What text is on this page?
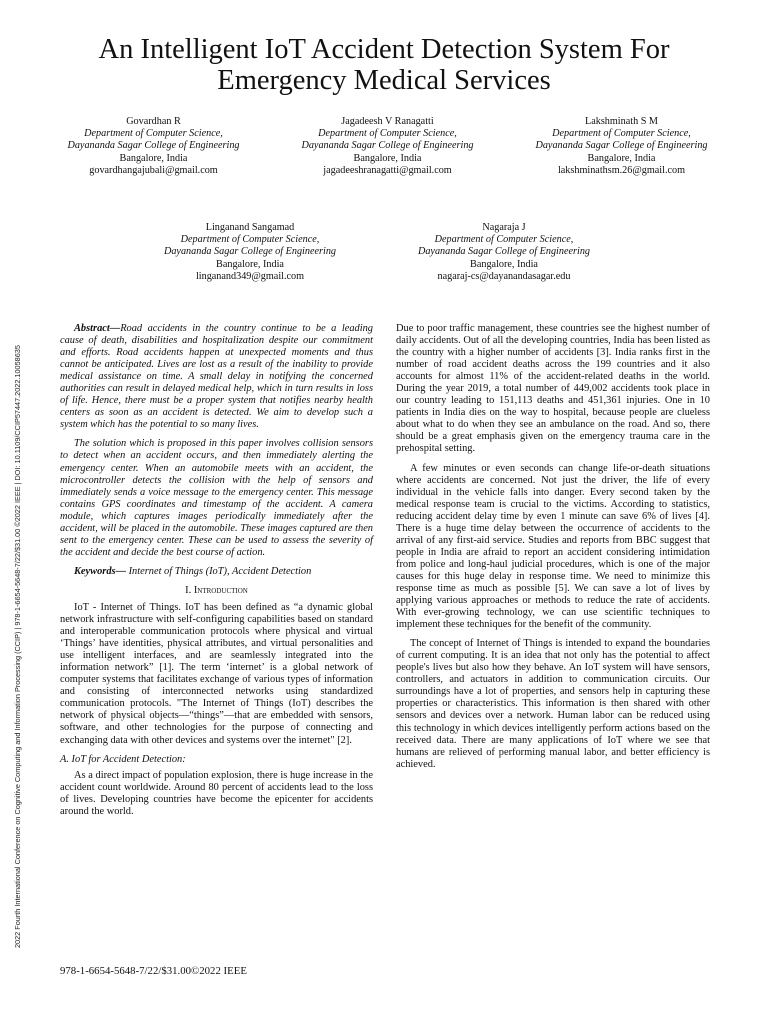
An Intelligent IoT Accident Detection System For Emergency Medical Services
Govardhan R
Department of Computer Science,
Dayananda Sagar College of Engineering
Bangalore, India
govardhangajubali@gmail.com
Jagadeesh V Ranagatti
Department of Computer Science,
Dayananda Sagar College of Engineering
Bangalore, India
jagadeeshranagatti@gmail.com
Lakshminath S M
Department of Computer Science,
Dayananda Sagar College of Engineering
Bangalore, India
lakshminathsm.26@gmail.com
Linganand Sangamad
Department of Computer Science,
Dayananda Sagar College of Engineering
Bangalore, India
linganand349@gmail.com
Nagaraja J
Department of Computer Science,
Dayananda Sagar College of Engineering
Bangalore, India
nagaraj-cs@dayanandasagar.edu
2022 Fourth International Conference on Cognitive Computing and Information Processing (CCIP) | 978-1-6654-5648-7/22/$31.00 ©2022 IEEE | DOI: 10.1109/CCIP57447.2022.10058635

Abstract—Road accidents in the country continue to be a leading cause of death, disabilities and hospitalization despite our commitment and efforts. Road accidents happen at unexpected moments and thus cannot be anticipated. Lives are lost as a result of the inability to provide medical assistance on time. A small delay in notifying the concerned authorities can result in delayed medical help, which in turn results in loss of life. Hence, there must be a proper system that notifies nearby health centers as soon as an accident is detected. We aim to develop such a system which has the potential to so many lives.

The solution which is proposed in this paper involves collision sensors to detect when an accident occurs, and then immediately alerting the emergency center. When an automobile meets with an accident, the microcontroller detects the collision with the help of sensors and immediately sends a voice message to the emergency center. This message contains GPS coordinates and timestamp of the accident. A camera module, which captures images periodically immediately after the accident, will be placed in the automobile. These images captured are then sent to the emergency center. These can be used to assess the severity of the accident and decide the best course of action.

Keywords— Internet of Things (IoT), Accident Detection

I. Introduction

IoT - Internet of Things. IoT has been defined as “a dynamic global network infrastructure with self-configuring capabilities based on standard and interoperable communication protocols where physical and virtual ‘Things’ have identities, physical attributes, and virtual personalities and use intelligent interfaces, and are seamlessly integrated into the information network” [1]. The term ‘internet’ is a global network of computer systems that facilitates exchange of various types of information and consisting of interconnected networks using standardized communication protocols. "The Internet of Things (IoT) describes the network of physical objects—“things”—that are embedded with sensors, software, and other technologies for the purpose of connecting and exchanging data with other devices and systems over the internet" [2].

A. IoT for Accident Detection:

As a direct impact of population explosion, there is huge increase in the accident count worldwide. Around 80 percent of accidents lead to the loss of lives. Developing countries have become the epicenter for accidents around the world.

Due to poor traffic management, these countries see the highest number of daily accidents. Out of all the developing countries, India has been listed as the country with a higher number of accidents [3]. India ranks first in the number of road accident deaths across the 199 countries and it also accounts for almost 11% of the accident-related deaths in the world. During the year 2019, a total number of 449,002 accidents took place in our country leading to 151,113 deaths and 451,361 injuries. One in 10 patients in India dies on the way to hospital, because people are clueless about what to do when they see an ambulance on the road. And so, there should be a great emphasis given on the emergency trauma care in the prehospital setting.

A few minutes or even seconds can change life-or-death situations where accidents are concerned. Not just the driver, the life of every individual in the vehicle falls into danger. Every second taken by the medical response team is crucial to the victims. According to statistics, reducing accident delay time by even 1 minute can save 6% of lives [4]. There is a huge time delay between the occurrence of accidents to the arrival of any first-aid service. Studies and reports from BBC suggest that people in India are afraid to report an accident considering intimidation from police and long-haul judicial procedures, which is one of the major causes for this huge delay in response time. We need to minimize this response time as much as possible [5]. We can save a lot of lives by applying various approaches or methods to reduce the rate of accidents. With ever-growing technology, we can use scientific techniques to implement these techniques for the benefit of the community.

The concept of Internet of Things is intended to expand the boundaries of current computing. It is an idea that not only has the potential to affect people's lives but also how they behave. An IoT system will have sensors, controllers, and actuators in addition to communication circuits. Our surroundings have a lot of properties, and sensors help in capturing these properties or characteristics. This information is then shared with other sensors and devices over a network. Human labor can be reduced using this technology in which devices intelligently perform actions based on the received data. There are many applications of IoT where we see that humans are relieved of performing manual labor, and better efficiency is achieved.

978-1-6654-5648-7/22/$31.00©2022 IEEE
